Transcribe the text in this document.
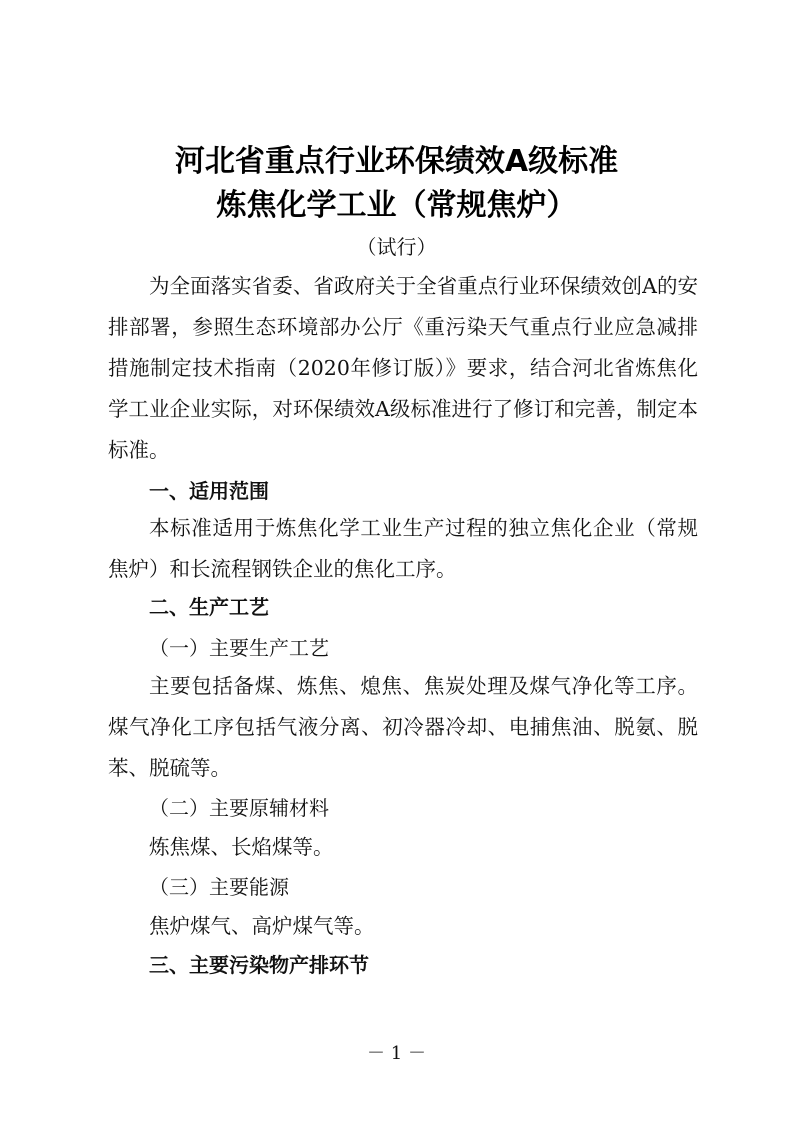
河北省重点行业环保绩效A级标准
炼焦化学工业（常规焦炉）
（试行）

为全面落实省委、省政府关于全省重点行业环保绩效创A的安排部署，参照生态环境部办公厅《重污染天气重点行业应急减排措施制定技术指南（2020年修订版）》要求，结合河北省炼焦化学工业企业实际，对环保绩效A级标准进行了修订和完善，制定本标准。

一、适用范围

本标准适用于炼焦化学工业生产过程的独立焦化企业（常规焦炉）和长流程钢铁企业的焦化工序。

二、生产工艺
（一）主要生产工艺

主要包括备煤、炼焦、熄焦、焦炭处理及煤气净化等工序。煤气净化工序包括气液分离、初冷器冷却、电捕焦油、脱氨、脱苯、脱硫等。

（二）主要原辅材料
炼焦煤、长焰煤等。
（三）主要能源
焦炉煤气、高炉煤气等。
三、主要污染物产排环节
－ 1 －
